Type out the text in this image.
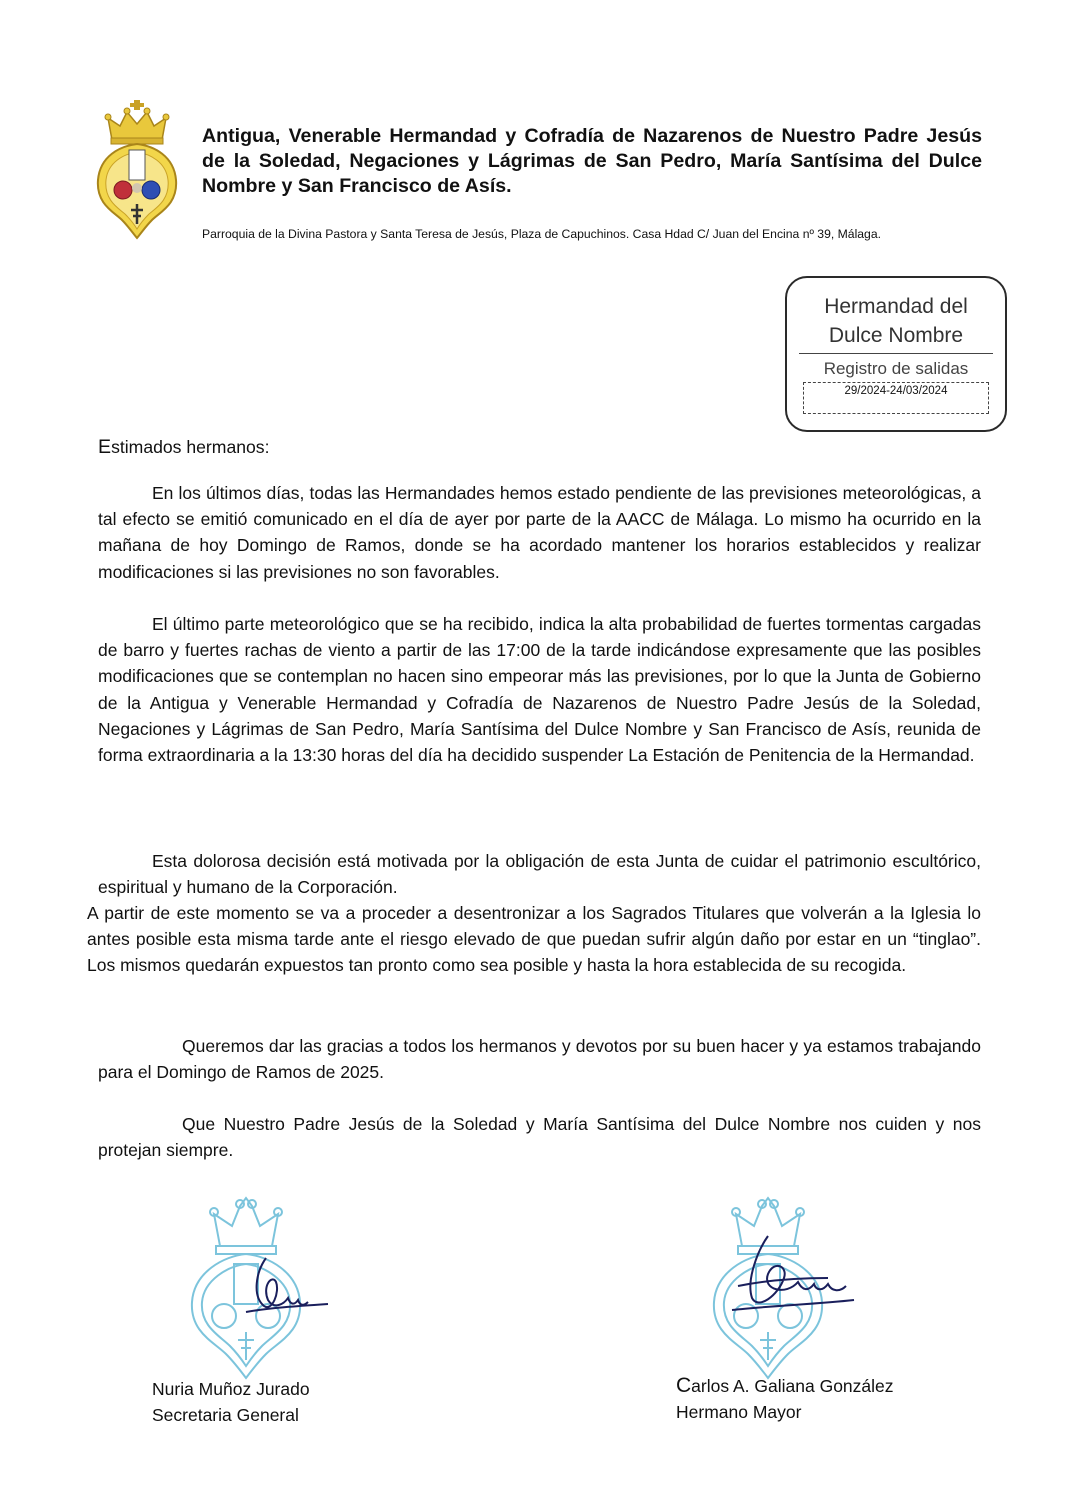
Antigua, Venerable Hermandad y Cofradía de Nazarenos de Nuestro Padre Jesús de la Soledad, Negaciones y Lágrimas de San Pedro, María Santísima del Dulce Nombre y San Francisco de Asís.
Parroquia de la Divina Pastora y Santa Teresa de Jesús, Plaza de Capuchinos. Casa Hdad C/ Juan del Encina nº 39, Málaga.
Hermandad del
Dulce Nombre
Registro de salidas
29/2024-24/03/2024
Estimados hermanos:
En los últimos días, todas las Hermandades hemos estado pendiente de las previsiones meteorológicas, a tal efecto se emitió comunicado en el día de ayer por parte de la AACC de Málaga. Lo mismo ha ocurrido en la mañana de hoy Domingo de Ramos, donde se ha acordado mantener los horarios establecidos y realizar modificaciones si las previsiones no son favorables.
El último parte meteorológico que se ha recibido, indica la alta probabilidad de fuertes tormentas cargadas de barro y fuertes rachas de viento a partir de las 17:00 de la tarde indicándose expresamente que las posibles modificaciones que se contemplan no hacen sino empeorar más las previsiones, por lo que la Junta de Gobierno de la Antigua y Venerable Hermandad y Cofradía de Nazarenos de Nuestro Padre Jesús de la Soledad, Negaciones y Lágrimas de San Pedro, María Santísima del Dulce Nombre y San Francisco de Asís, reunida de forma extraordinaria a la 13:30 horas del día ha decidido suspender La Estación de Penitencia de la Hermandad.
Esta dolorosa decisión está motivada por la obligación de esta Junta de cuidar el patrimonio escultórico, espiritual y humano de la Corporación.
A partir de este momento se va a proceder a desentronizar a los Sagrados Titulares que volverán a la Iglesia lo antes posible esta misma tarde ante el riesgo elevado de que puedan sufrir algún daño por estar en un “tinglao”. Los mismos quedarán expuestos tan pronto como sea posible y hasta la hora establecida de su recogida.
Queremos dar las gracias a todos los hermanos y devotos por su buen hacer y ya estamos trabajando para el Domingo de Ramos de 2025.
Que Nuestro Padre Jesús de la Soledad y María Santísima del Dulce Nombre nos cuiden y nos protejan siempre.
Nuria Muñoz Jurado
Secretaria General
Carlos A. Galiana González
Hermano Mayor
